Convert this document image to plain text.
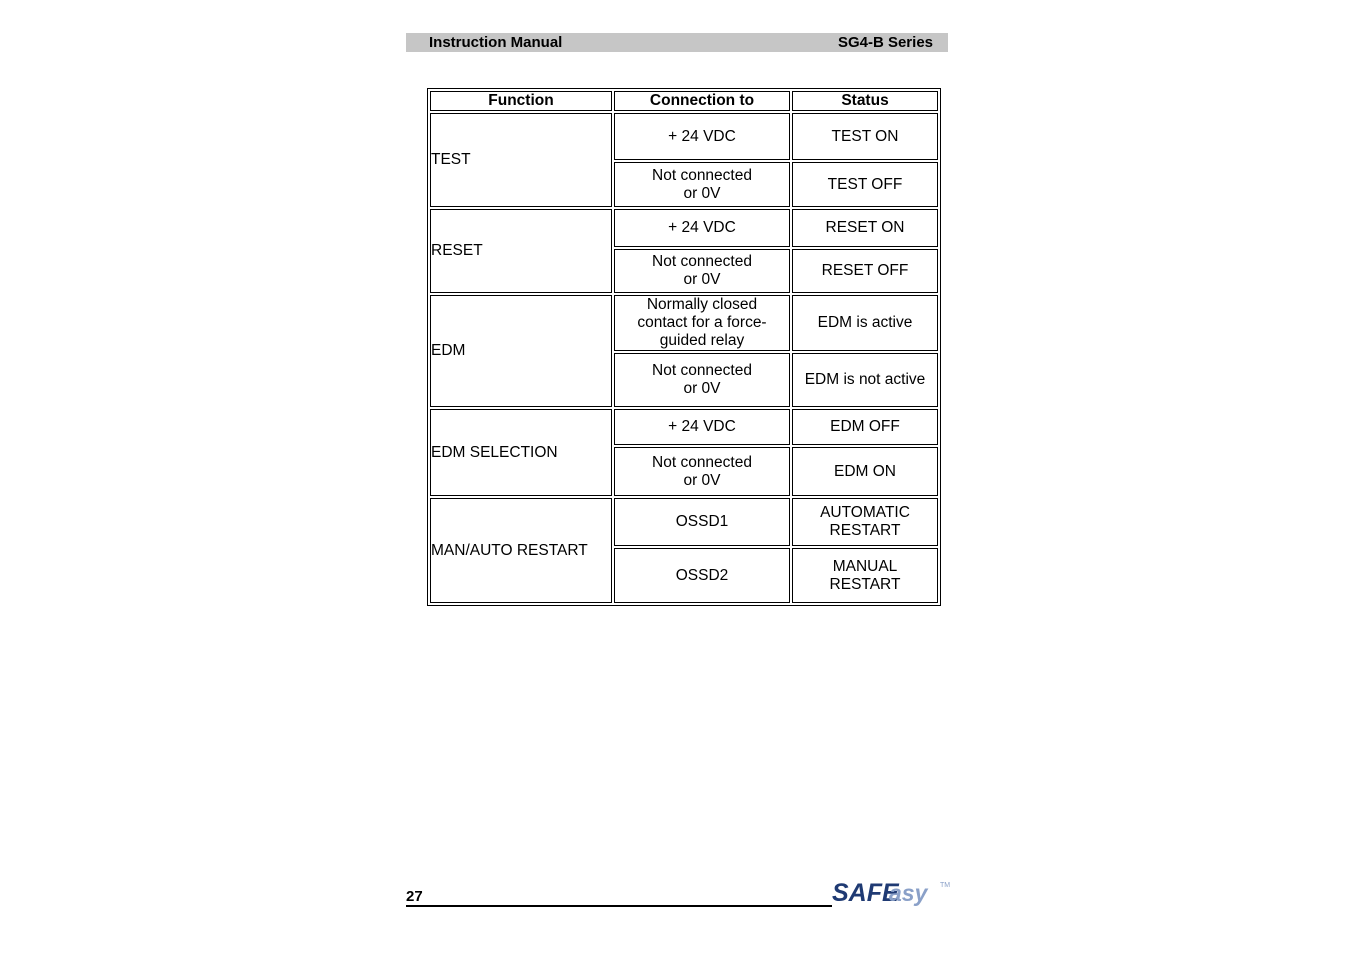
Instruction Manual	SG4-B Series
Function	Connection to	Status
TEST	+ 24 VDC	TEST ON

	Not connected
or 0V	TEST OFF

RESET	+ 24 VDC	RESET ON

	Not connected
or 0V	RESET OFF

EDM	Normally closed
contact for a force-
guided relay	EDM is active

	Not connected
or 0V	EDM is not active

EDM SELECTION	+ 24 VDC	EDM OFF

	Not connected
or 0V	EDM ON

MAN/AUTO RESTART	OSSD1	AUTOMATIC
RESTART

	OSSD2	MANUAL
RESTART
27	SAFE
asy TM
